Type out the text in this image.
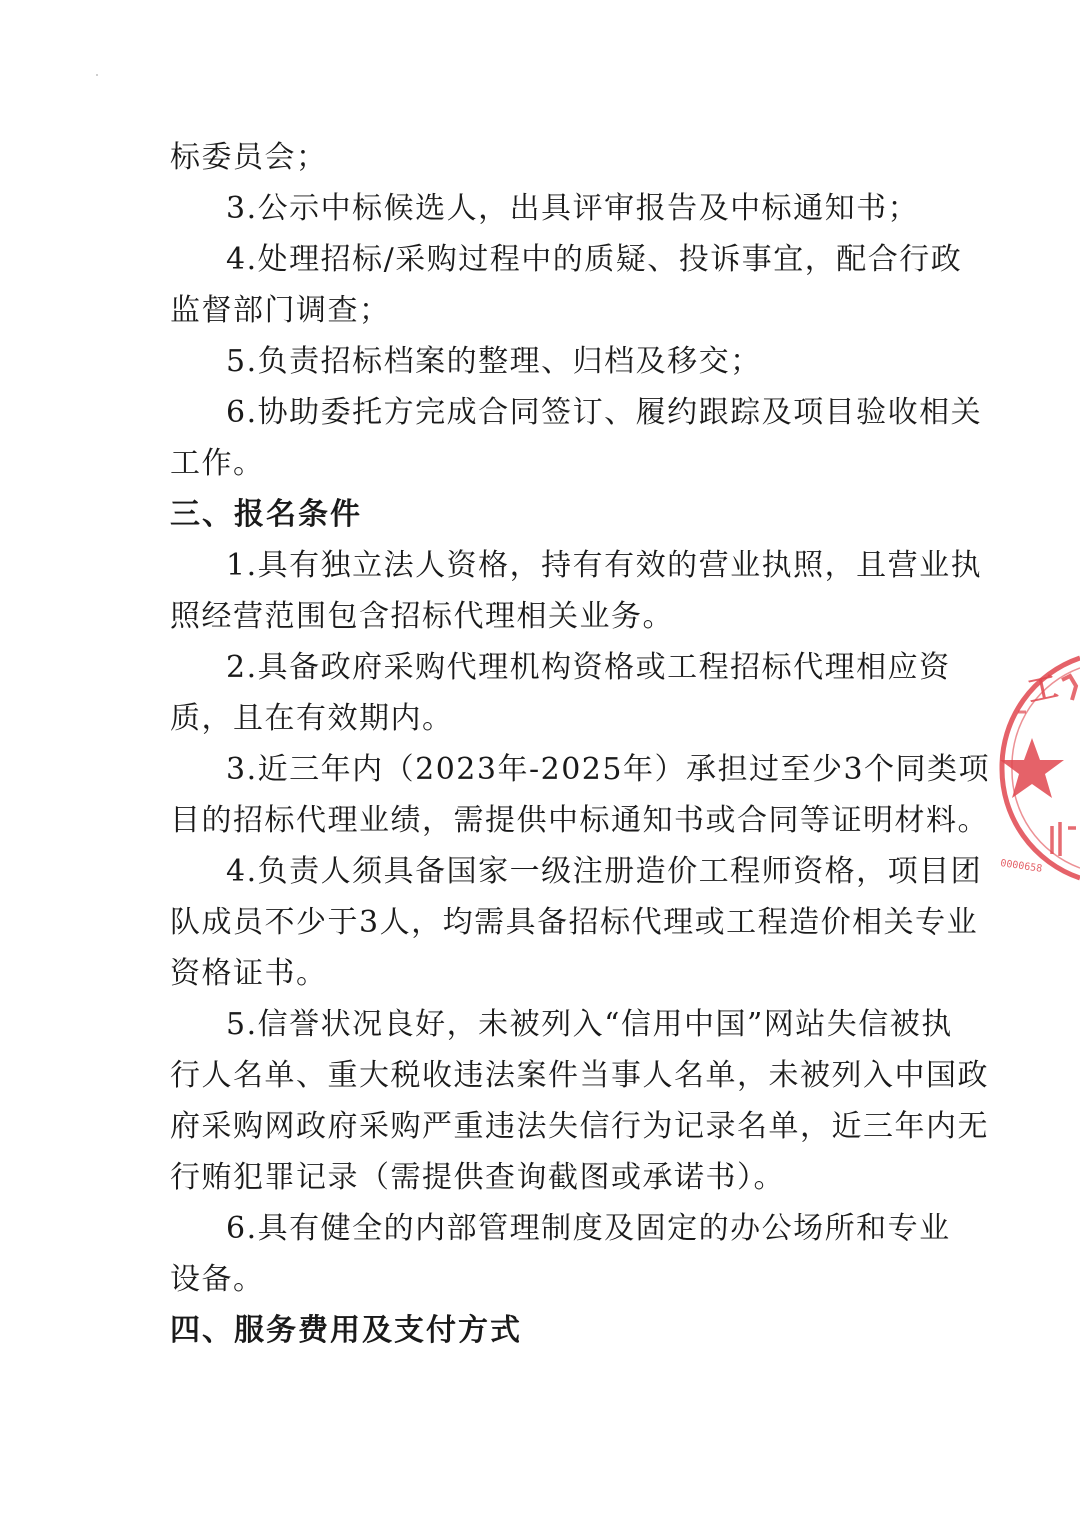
标委员会；
3.公示中标候选人，出具评审报告及中标通知书；
4.处理招标/采购过程中的质疑、投诉事宜，配合行政
监督部门调查；
5.负责招标档案的整理、归档及移交；
6.协助委托方完成合同签订、履约跟踪及项目验收相关
工作。
三、报名条件
1.具有独立法人资格，持有有效的营业执照，且营业执
照经营范围包含招标代理相关业务。
2.具备政府采购代理机构资格或工程招标代理相应资
质，且在有效期内。
3.近三年内（2023年-2025年）承担过至少3个同类项
目的招标代理业绩，需提供中标通知书或合同等证明材料。
4.负责人须具备国家一级注册造价工程师资格，项目团
队成员不少于3人，均需具备招标代理或工程造价相关专业
资格证书。
5.信誉状况良好，未被列入“信用中国”网站失信被执
行人名单、重大税收违法案件当事人名单，未被列入中国政
府采购网政府采购严重违法失信行为记录名单，近三年内无
行贿犯罪记录（需提供查询截图或承诺书）。
6.具有健全的内部管理制度及固定的办公场所和专业
设备。
四、服务费用及支付方式
工
0000658
